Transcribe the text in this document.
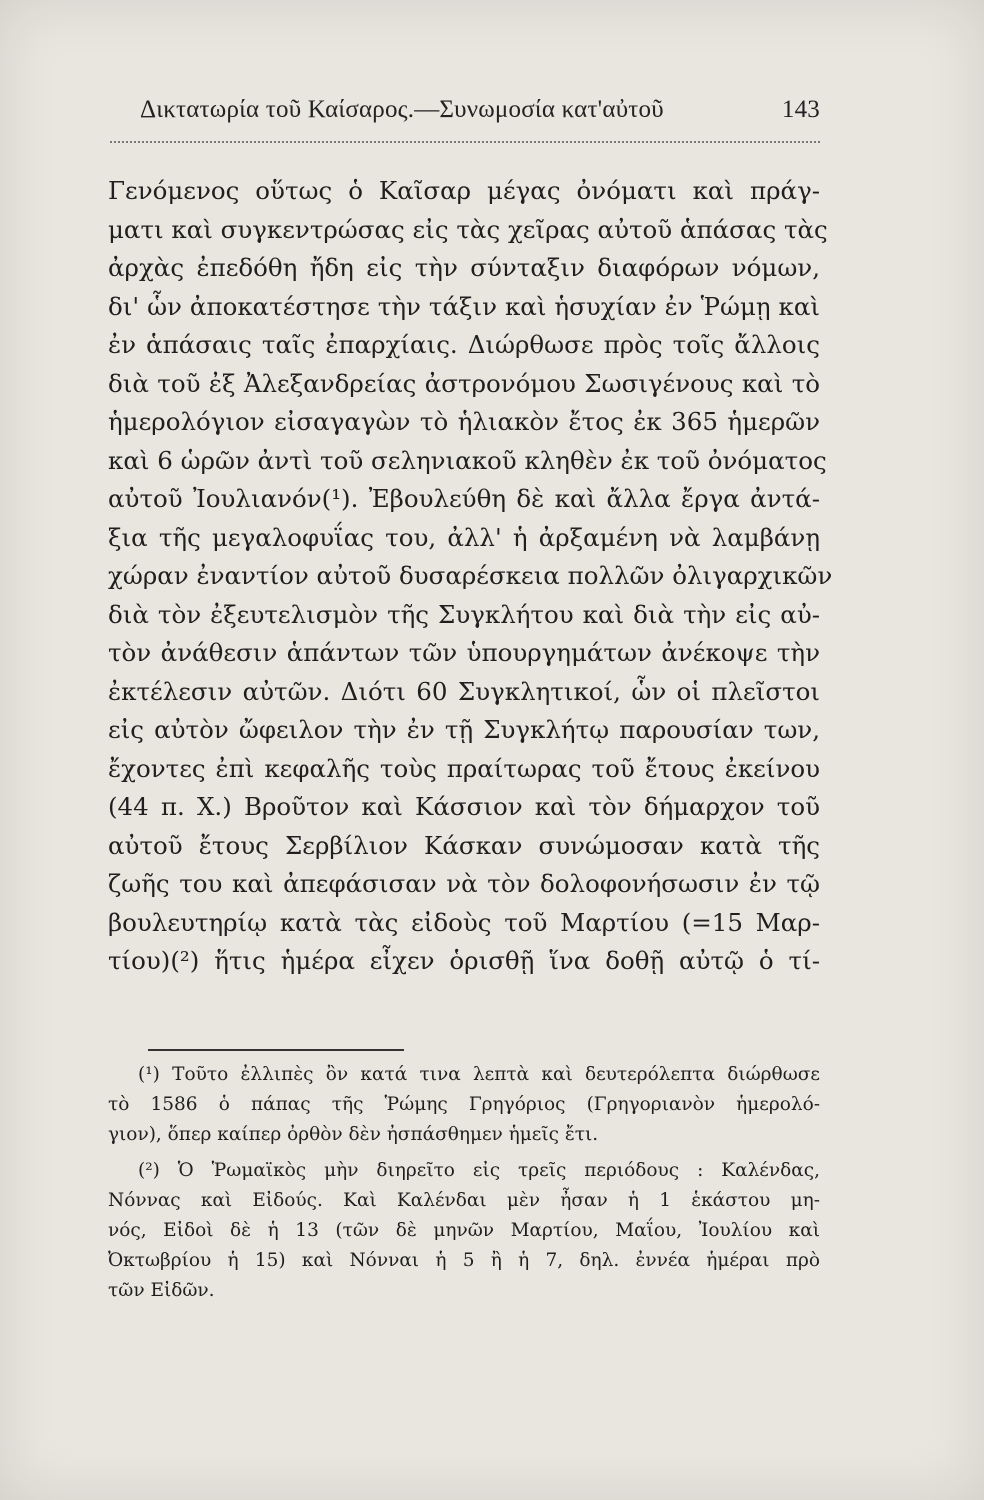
Δικτατωρία τοῦ Καίσαρος.—Συνωμοσία κατ'αὐτοῦ	143
Γενόμενος οὕτως ὁ Καῖσαρ μέγας ὀνόματι καὶ πράγ-
ματι καὶ συγκεντρώσας εἰς τὰς χεῖρας αὐτοῦ ἁπάσας τὰς
ἀρχὰς ἐπεδόθη ἤδη εἰς τὴν σύνταξιν διαφόρων νόμων,
δι' ὧν ἀποκατέστησε τὴν τάξιν καὶ ἡσυχίαν ἐν Ῥώμῃ καὶ
ἐν ἁπάσαις ταῖς ἐπαρχίαις. Διώρθωσε πρὸς τοῖς ἄλλοις
διὰ τοῦ ἐξ Ἀλεξανδρείας ἀστρονόμου Σωσιγένους καὶ τὸ
ἡμερολόγιον εἰσαγαγὼν τὸ ἡλιακὸν ἔτος ἐκ 365 ἡμερῶν
καὶ 6 ὡρῶν ἀντὶ τοῦ σεληνιακοῦ κληθὲν ἐκ τοῦ ὀνόματος
αὐτοῦ Ἰουλιανόν(¹). Ἐβουλεύθη δὲ καὶ ἄλλα ἔργα ἀντά-
ξια τῆς μεγαλοφυΐας του, ἀλλ' ἡ ἀρξαμένη νὰ λαμβάνῃ
χώραν ἐναντίον αὐτοῦ δυσαρέσκεια πολλῶν ὀλιγαρχικῶν
διὰ τὸν ἐξευτελισμὸν τῆς Συγκλήτου καὶ διὰ τὴν εἰς αὐ-
τὸν ἀνάθεσιν ἁπάντων τῶν ὑπουργημάτων ἀνέκοψε τὴν
ἐκτέλεσιν αὐτῶν. Διότι 60 Συγκλητικοί, ὧν οἱ πλεῖστοι
εἰς αὐτὸν ὤφειλον τὴν ἐν τῇ Συγκλήτῳ παρουσίαν των,
ἔχοντες ἐπὶ κεφαλῆς τοὺς πραίτωρας τοῦ ἔτους ἐκείνου
(44 π. Χ.) Βροῦτον καὶ Κάσσιον καὶ τὸν δήμαρχον τοῦ
αὐτοῦ ἔτους Σερβίλιον Κάσκαν συνώμοσαν κατὰ τῆς
ζωῆς του καὶ ἀπεφάσισαν νὰ τὸν δολοφονήσωσιν ἐν τῷ
βουλευτηρίῳ κατὰ τὰς εἰδοὺς τοῦ Μαρτίου (=15 Μαρ-
τίου)(²) ἥτις ἡμέρα εἶχεν ὁρισθῇ ἵνα δοθῇ αὐτῷ ὁ τί-
(¹) Τοῦτο ἐλλιπὲς ὂν κατά τινα λεπτὰ καὶ δευτερόλεπτα διώρθωσε
τὸ 1586 ὁ πάπας τῆς Ῥώμης Γρηγόριος (Γρηγοριανὸν ἡμερολό-
γιον), ὅπερ καίπερ ὀρθὸν δὲν ἠσπάσθημεν ἡμεῖς ἔτι.
(²) Ὁ Ῥωμαϊκὸς μὴν διηρεῖτο εἰς τρεῖς περιόδους : Καλένδας,
Νόννας καὶ Εἰδούς. Καὶ Καλένδαι μὲν ἦσαν ἡ 1 ἑκάστου μη-
νός, Εἰδοὶ δὲ ἡ 13 (τῶν δὲ μηνῶν Μαρτίου, Μαΐου, Ἰουλίου καὶ
Ὀκτωβρίου ἡ 15) καὶ Νόνναι ἡ 5 ἢ ἡ 7, δηλ. ἐννέα ἡμέραι πρὸ
τῶν Εἰδῶν.
